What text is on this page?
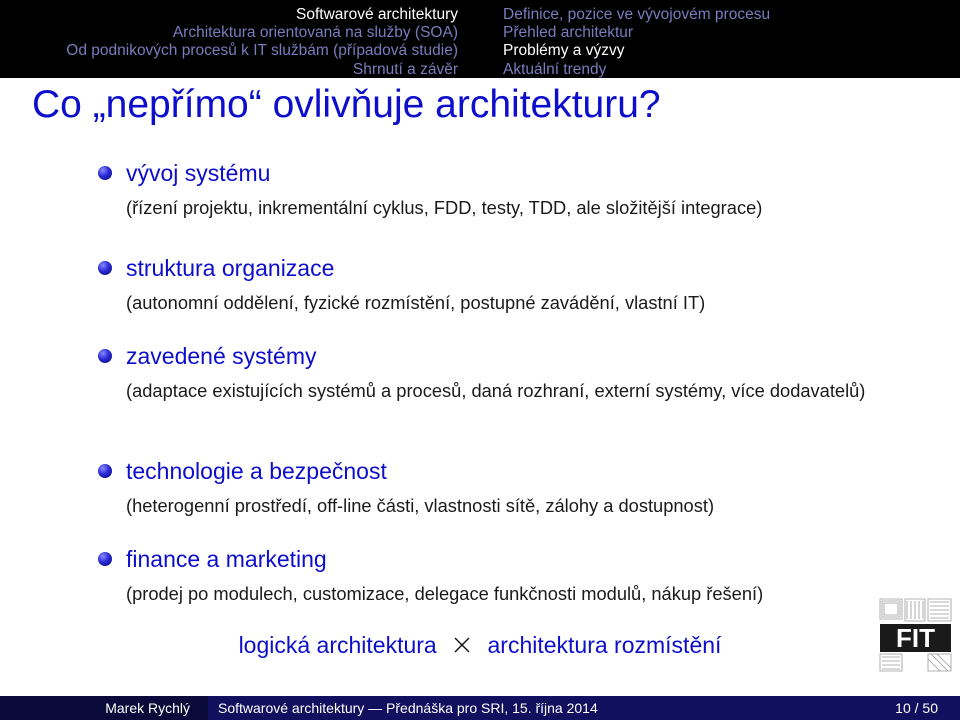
Softwarové architektury
Architektura orientovaná na služby (SOA)
Od podnikových procesů k IT službám (případová studie)
Shrnutí a závěr
Definice, pozice ve vývojovém procesu
Přehled architektur
Problémy a výzvy
Aktuální trendy
Co „nepřímo“ ovlivňuje architekturu?
vývoj systému
(řízení projektu, inkrementální cyklus, FDD, testy, TDD, ale složitější integrace)
struktura organizace
(autonomní oddělení, fyzické rozmístění, postupné zavádění, vlastní IT)
zavedené systémy
(adaptace existujících systémů a procesů, daná rozhraní, externí systémy, více dodavatelů)
technologie a bezpečnost
(heterogenní prostředí, off-line části, vlastnosti sítě, zálohy a dostupnost)
finance a marketing
(prodej po modulech, customizace, delegace funkčnosti modulů, nákup řešení)
logická architektura architektura rozmístění	FIT
Marek Rychlý	Softwarové architektury — Přednáška pro SRI, 15. října 2014	10 / 50
